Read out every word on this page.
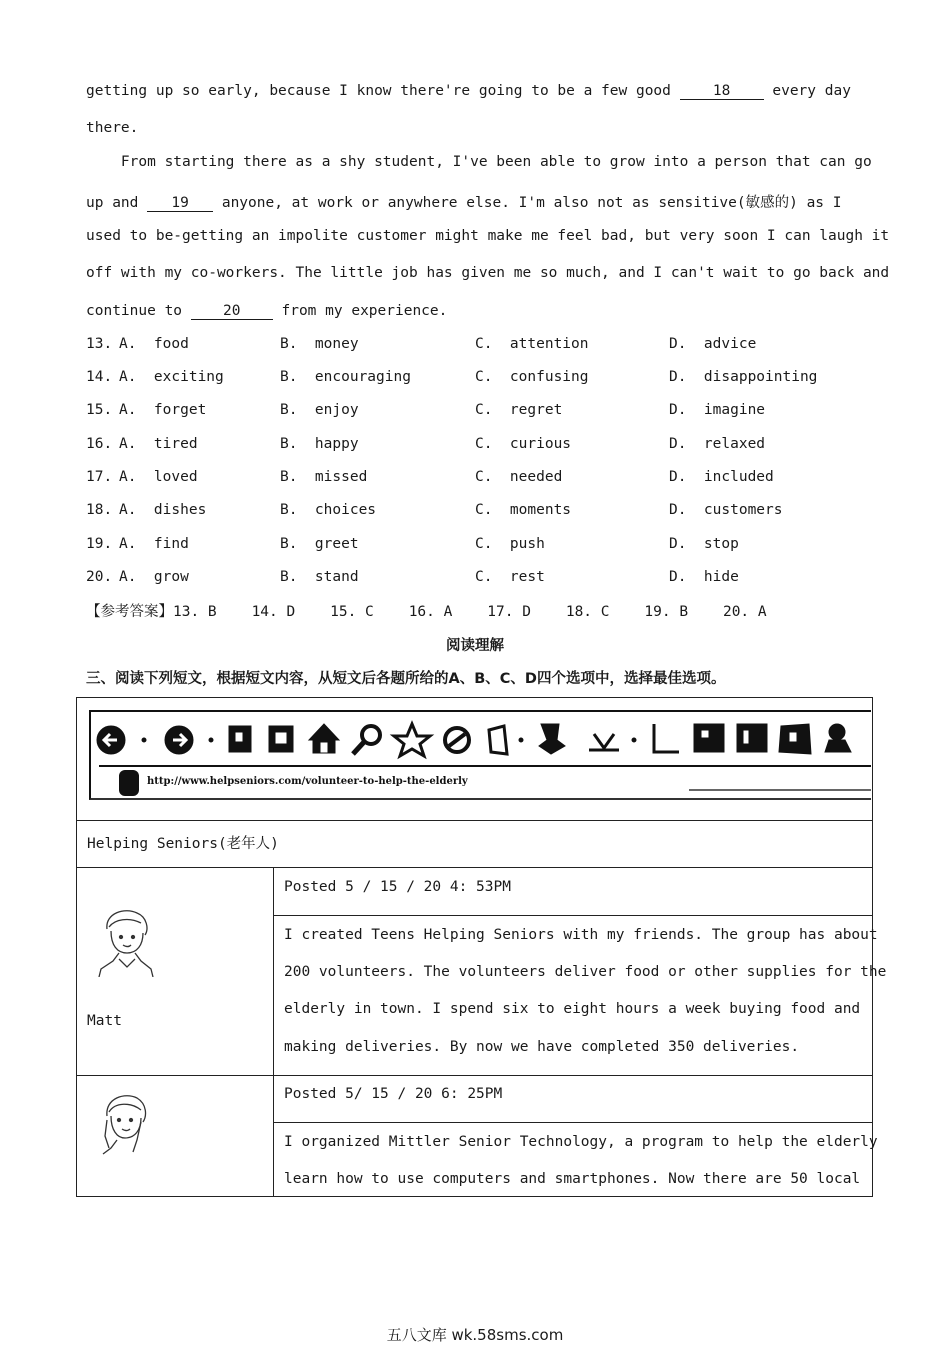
getting up so early, because I know there're going to be a few good 18 every day
there.
From starting there as a shy student, I've been able to grow into a person that can go
up and 19 anyone, at work or anywhere else. I'm also not as sensitive(敏感的) as I
used to be-getting an impolite customer might make me feel bad, but very soon I can laugh it
off with my co-workers. The little job has given me so much, and I can't wait to go back and
continue to 20 from my experience.
13. A.  food	B.  money	C.  attention	D.  advice
14. A.  exciting	B.  encouraging	C.  confusing	D.  disappointing
15. A.  forget	B.  enjoy	C.  regret	D.  imagine
16. A.  tired	B.  happy	C.  curious	D.  relaxed
17. A.  loved	B.  missed	C.  needed	D.  included
18. A.  dishes	B.  choices	C.  moments	D.  customers
19. A.  find	B.  greet	C.  push	D.  stop
20. A.  grow	B.  stand	C.  rest	D.  hide
【参考答案】13. B    14. D    15. C    16. A    17. D    18. C    19. B    20. A
阅读理解
三、阅读下列短文，根据短文内容，从短文后各题所给的A、B、C、D四个选项中，选择最佳选项。
http://www.helpseniors.com/volunteer-to-help-the-elderly
Helping Seniors(老年人)
Matt
Posted 5 / 15 / 20 4: 53PM
I created Teens Helping Seniors with my friends. The group has about
200 volunteers. The volunteers deliver food or other supplies for the
elderly in town. I spend six to eight hours a week buying food and
making deliveries. By now we have completed 350 deliveries.
Posted 5/ 15 / 20 6: 25PM
I organized Mittler Senior Technology, a program to help the elderly
learn how to use computers and smartphones. Now there are 50 local
五八文库 wk.58sms.com
